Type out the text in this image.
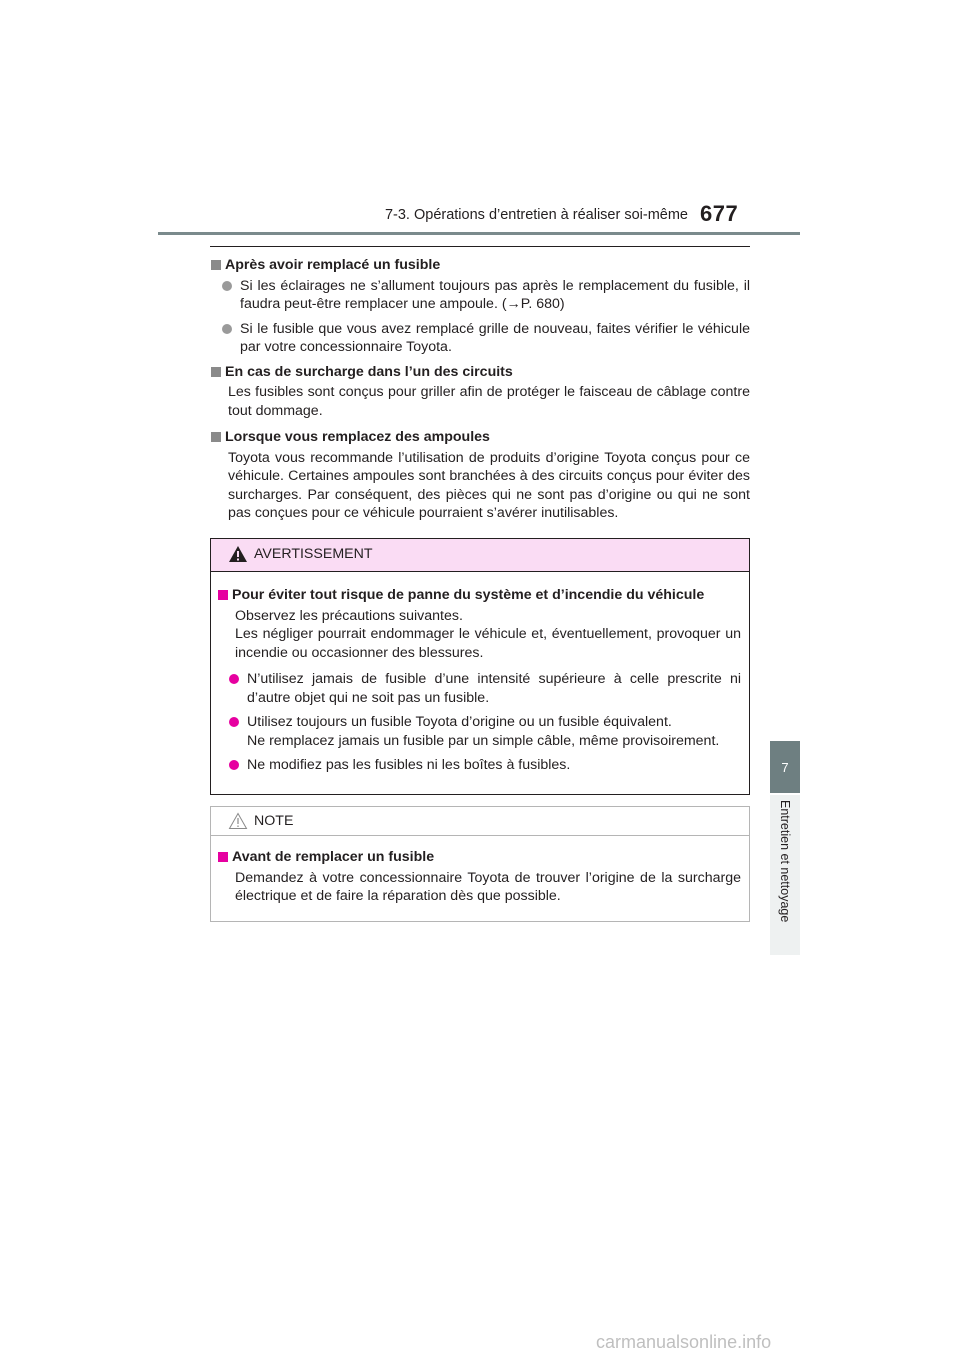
7-3. Opérations d’entretien à réaliser soi-même 677
7
Entretien et nettoyage
Après avoir remplacé un fusible
Si les éclairages ne s’allument toujours pas après le remplacement du fusible, il faudra peut-être remplacer une ampoule. (→P. 680)
Si le fusible que vous avez remplacé grille de nouveau, faites vérifier le véhicule par votre concessionnaire Toyota.
En cas de surcharge dans l’un des circuits
Les fusibles sont conçus pour griller afin de protéger le faisceau de câblage contre tout dommage.
Lorsque vous remplacez des ampoules
Toyota vous recommande l’utilisation de produits d’origine Toyota conçus pour ce véhicule. Certaines ampoules sont branchées à des circuits conçus pour éviter des surcharges. Par conséquent, des pièces qui ne sont pas d’origine ou qui ne sont pas conçues pour ce véhicule pourraient s’avérer inutilisables.
AVERTISSEMENT
Pour éviter tout risque de panne du système et d’incendie du véhicule
Observez les précautions suivantes.
Les négliger pourrait endommager le véhicule et, éventuellement, provoquer un incendie ou occasionner des blessures.
N’utilisez jamais de fusible d’une intensité supérieure à celle prescrite ni d’autre objet qui ne soit pas un fusible.
Utilisez toujours un fusible Toyota d’origine ou un fusible équivalent.
Ne remplacez jamais un fusible par un simple câble, même provisoirement.
Ne modifiez pas les fusibles ni les boîtes à fusibles.
NOTE
Avant de remplacer un fusible
Demandez à votre concessionnaire Toyota de trouver l’origine de la surcharge électrique et de faire la réparation dès que possible.
carmanualsonline.info
